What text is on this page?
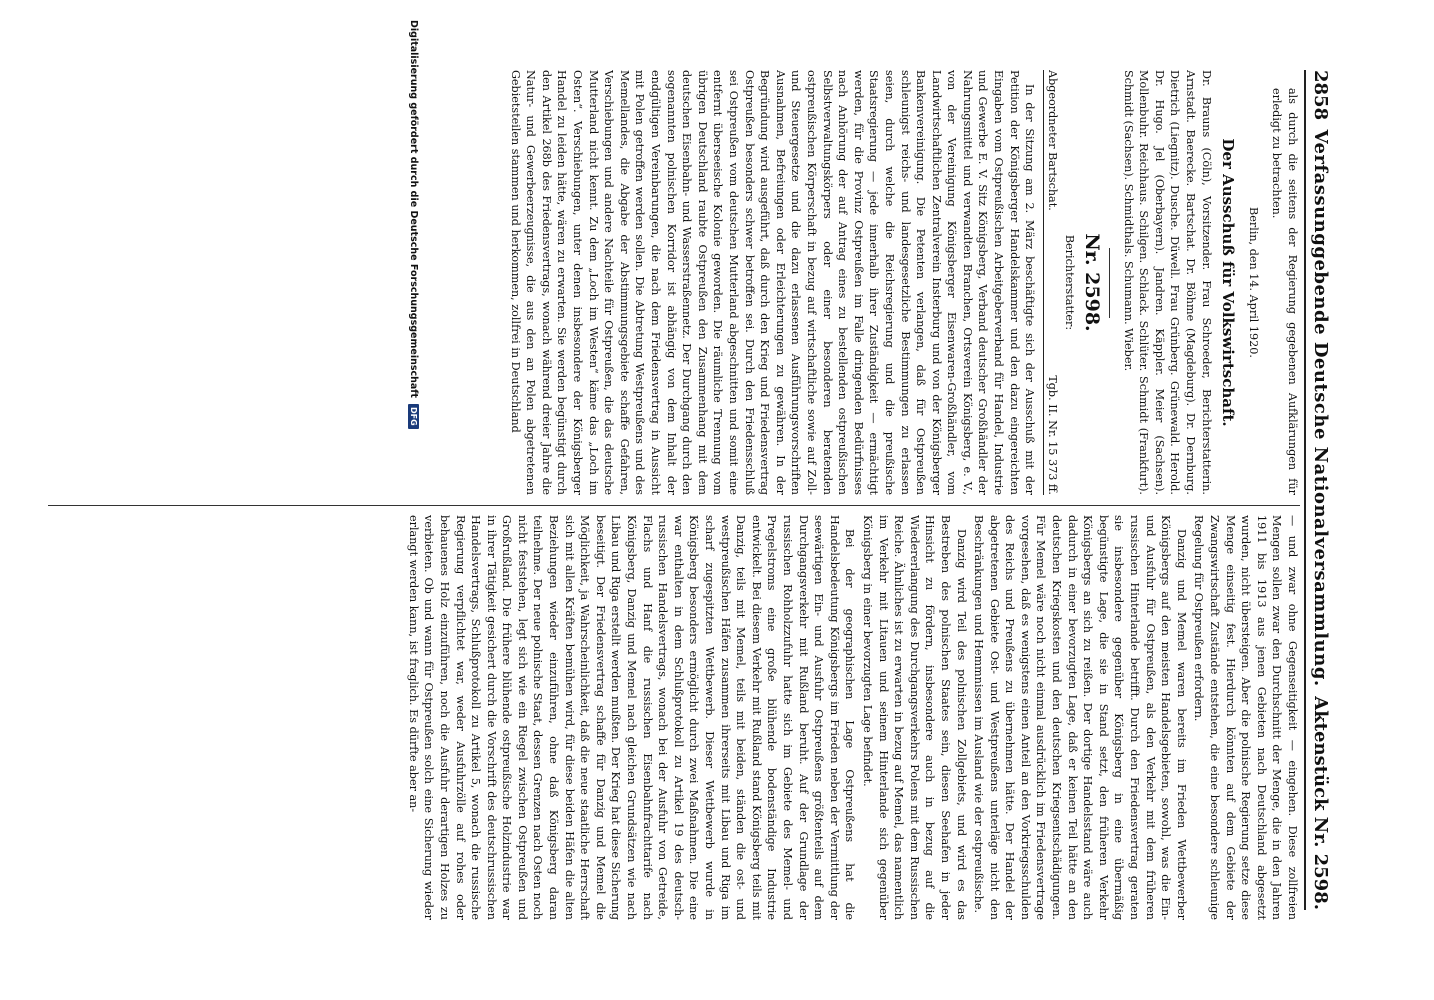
2858
Verfassunggebende Deutsche Nationalversammlung.
Aktenstück Nr. 2598.

als durch die seitens der Regierung gegebenen Aufklärungen für erledigt zu betrachten.

Berlin, den 14. April 1920.

Der Ausschuß für Volkswirtschaft.

Dr. Brauns (Cöln), Vorsitzender. Frau Schroeder, Berichterstatterin. Arnstadt. Baerecke. Bartschat. Dr. Böhme (Magdeburg). Dr. Dernburg. Dietrich (Liegnitz). Dusche. Düwell. Frau Grünberg. Grünewald. Herold. Dr. Hugo. Jel (Oberbayern). Jandren. Käppler. Meier (Sachsen). Mollenbuhr. Reichhaus. Schilgen. Schlack. Schlüter. Schmidt (Frankfurt). Schmidt (Sachsen). Schmidthals. Schumann. Wieber.

Nr. 2598.

Berichterstatter:

Abgeordneter Bartschat.
Tgb. II. Nr. 15 373 ff.

In der Sitzung am 2. März beschäftigte sich der Ausschuß mit der Petition der Königsberger Handelskammer und den dazu eingereichten Eingaben vom Ostpreußischen Arbeitgeberverband für Handel, Industrie und Gewerbe E. V. Sitz Königsberg, Verband deutscher Großhändler der Nahrungsmittel und verwandten Branchen, Ortsverein Königsberg, e. V., von der Vereinigung Königsberger Eisenwaren-Großhändler, vom Landwirtschaftlichen Zentralverein Insterburg und von der Königsberger Bankenvereinigung. Die Petenten verlangen, daß für Ostpreußen schleunigst reichs- und landesgesetzliche Bestimmungen zu erlassen seien, durch welche die Reichsregierung und die preußische Staatsregierung — jede innerhalb ihrer Zuständigkeit — ermächtigt werden, für die Provinz Ostpreußen im Falle dringenden Bedürfnisses nach Anhörung der auf Antrag eines zu bestellenden ostpreußischen Selbstverwaltungskörpers oder einer besonderen beratenden ostpreußischen Körperschaft in bezug auf wirtschaftliche sowie auf Zoll- und Steuergesetze und die dazu erlassenen Ausführungsvorschriften Ausnahmen, Befreiungen oder Erleichterungen zu gewähren. In der Begründung wird ausgeführt, daß durch den Krieg und Friedensvertrag Ostpreußen besonders schwer betroffen sei. Durch den Friedensschluß sei Ostpreußen vom deutschen Mutterland abgeschnitten und somit eine entfernt überseeische Kolonie geworden. Die räumliche Trennung vom übrigen Deutschland raubte Ostpreußen den Zusammenhang mit dem deutschen Eisenbahn- und Wasserstraßennetz. Der Durchgang durch den sogenannten polnischen Korridor ist abhängig von dem Inhalt der endgültigen Vereinbarungen, die nach dem Friedensvertrag in Aussicht mit Polen getroffen werden sollen. Die Abtretung Westpreußens und des Memellandes, die Abgabe der Abstimmungsgebiete schaffe Gefahren, Verschiebungen und andere Nachteile für Ostpreußen, die das deutsche Mutterland nicht kennt. Zu dem „Loch im Westen“ käme das „Loch im Osten“. Verschiebungen, unter denen insbesondere der Königsberger Handel zu leiden hätte, wären zu erwarten. Sie werden begünstigt durch den Artikel 268b des Friedensvertrags, wonach während dreier Jahre die Natur- und Gewerbeerzeugnisse, die aus den an Polen abgetretenen Gebietsteilen stammen und herkommen, zollfrei in Deutschland

— und zwar ohne Gegenseitigkeit — eingehen. Diese zollfreien Mengen sollen zwar den Durchschnitt der Menge, die in den Jahren 1911 bis 1913 aus jenen Gebieten nach Deutschland abgesetzt wurden, nicht übersteigen. Aber die polnische Regierung setze diese Menge einseitig fest. Hierdurch könnten auf dem Gebiete der Zwangswirtschaft Zustände entstehen, die eine besondere schleunige Regelung für Ostpreußen erfordern.

Danzig und Memel waren bereits im Frieden Wettbewerber Königsbergs auf den meisten Handelsgebieten, sowohl, was die Ein- und Ausfuhr für Ostpreußen, als den Verkehr mit dem früheren russischen Hinterlande betrifft. Durch den Friedensvertrag geraten sie insbesondere gegenüber Königsberg in eine übermäßig begünstigte Lage, die sie in Stand setzt, den früheren Verkehr Königsbergs an sich zu reißen. Der dortige Handelsstand wäre auch dadurch in einer bevorzugten Lage, daß er keinen Teil hätte an den deutschen Kriegskosten und den deutschen Kriegsentschädigungen. Für Memel wäre noch nicht einmal ausdrücklich im Friedensvertrage vorgesehen, daß es wenigstens einen Anteil an den Vorkriegsschulden des Reichs und Preußens zu übernehmen hätte. Der Handel der abgetretenen Gebiete Ost- und Westpreußens unterläge nicht den Beschränkungen und Hemmnissen im Ausland wie der ostpreußische.

Danzig wird Teil des polnischen Zollgebiets, und wird es das Bestreben des polnischen Staates sein, diesen Seehafen in jeder Hinsicht zu fördern, insbesondere auch in bezug auf die Wiedererlangung des Durchgangsverkehrs Polens mit dem Russischen Reiche. Ähnliches ist zu erwarten in bezug auf Memel, das namentlich im Verkehr mit Litauen und seinem Hinterlande sich gegenüber Königsberg in einer bevorzugten Lage befindet.

Bei der geographischen Lage Ostpreußens hat die Handelsbedeutung Königsbergs im Frieden neben der Vermittlung der seewärtigen Ein- und Ausfuhr Ostpreußens größtenteils auf dem Durchgangsverkehr mit Rußland beruht. Auf der Grundlage der russischen Rohholzzufuhr hatte sich im Gebiete des Memel- und Pregelstroms eine große blühende bodenständige Industrie entwickelt. Bei diesem Verkehr mit Rußland stand Königsberg teils mit Danzig, teils mit Memel, teils mit beiden, ständen die ost- und westpreußischen Häfen zusammen ihrerseits mit Libau und Riga im scharf zugespitzten Wettbewerb. Dieser Wettbewerb wurde in Königsberg besonders ermöglicht durch zwei Maßnahmen. Die eine war enthalten in dem Schlußprotokoll zu Artikel 19 des deutsch-russischen Handelsvertrags, wonach bei der Ausfuhr von Getreide, Flachs und Hanf die russischen Eisenbahnfrachttarife nach Königsberg, Danzig und Memel nach gleichen Grundsätzen wie nach Libau und Riga erstellt werden mußten. Der Krieg hat diese Sicherung beseitigt. Der Friedensvertrag schaffe für Danzig und Memel die Möglichkeit, ja Wahrscheinlichkeit, daß die neue staatliche Herrschaft sich mit allen Kräften bemühen wird, für diese beiden Häfen die alten Beziehungen wieder einzuführen, ohne daß Königsberg daran teilnehme. Der neue polnische Staat, dessen Grenzen nach Osten noch nicht feststehen, legt sich wie ein Riegel zwischen Ostpreußen und Großrußland. Die frühere blühende ostpreußische Holzindustrie war in ihrer Tätigkeit gesichert durch die Vorschrift des deutschrussischen Handelsvertrags, Schlußprotokoll zu Artikel 5, wonach die russische Regierung verpflichtet war, weder Ausfuhrzölle auf rohes oder behauenes Holz einzuführen, noch die Ausfuhr derartigen Holzes zu verbieten. Ob und wann für Ostpreußen solch eine Sicherung wieder erlangt werden kann, ist fraglich. Es dürfte aber an-

Digitalisierung gefördert durch die Deutsche Forschungsgemeinschaft
DFG
